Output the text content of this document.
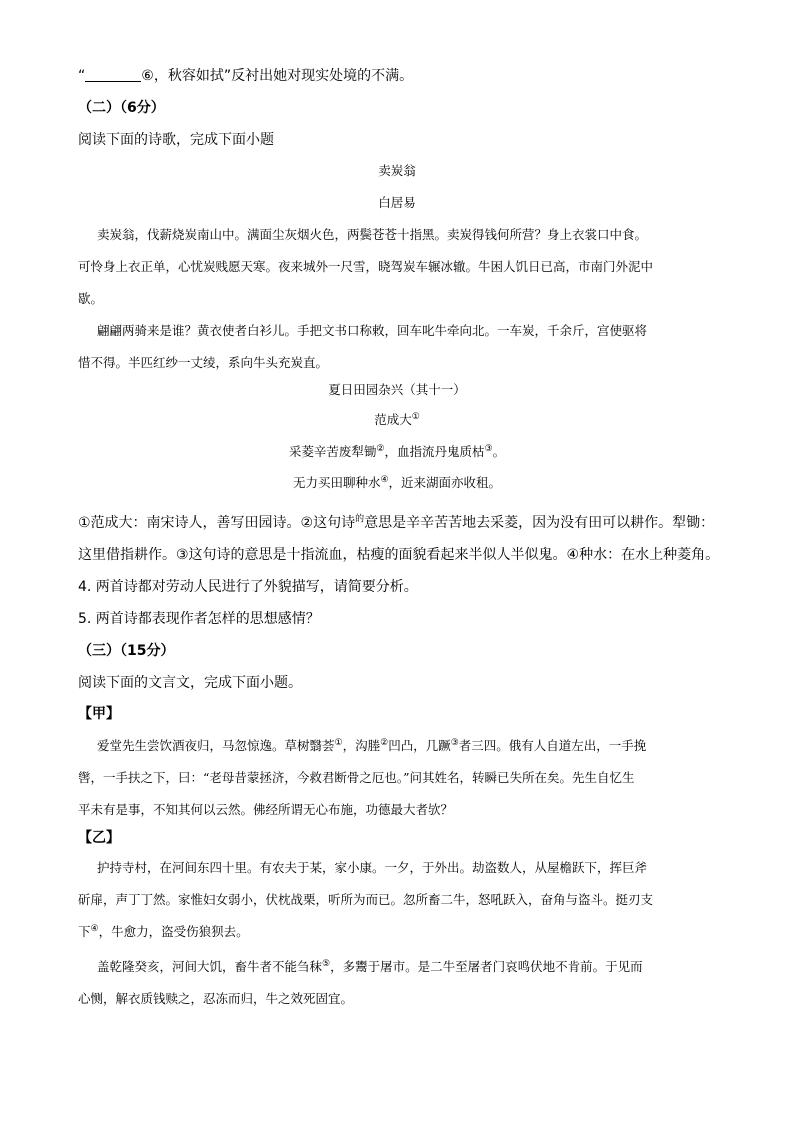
“	⑥，秋容如拭”反衬出她对现实处境的不满。
（二）（6分）
阅读下面的诗歌，完成下面小题
卖炭翁
白居易
卖炭翁，伐薪烧炭南山中。满面尘灰烟火色，两鬓苍苍十指黑。卖炭得钱何所营？身上衣裳口中食。
可怜身上衣正单，心忧炭贱愿天寒。夜来城外一尺雪，晓驾炭车辗冰辙。牛困人饥日已高，市南门外泥中
歇。
翩翩两骑来是谁？黄衣使者白衫儿。手把文书口称敕，回车叱牛牵向北。一车炭，千余斤，宫使驱将
惜不得。半匹红纱一丈绫，系向牛头充炭直。
夏日田园杂兴（其十一）
范成大①
采菱辛苦废犁锄②，血指流丹鬼质枯③。
无力买田聊种水④，近来湖面亦收租。
①范成大：南宋诗人，善写田园诗。②这句诗$^的$意思是辛辛苦苦地去采菱，因为没有田可以耕作。犁锄：
这里借指耕作。③这句诗的意思是十指流血，枯瘦的面貌看起来半似人半似鬼。④种水：在水上种菱角。
4. 两首诗都对劳动人民进行了外貌描写，请简要分析。
5. 两首诗都表现作者怎样的思想感情？
（三）（15分）
阅读下面的文言文，完成下面小题。
【甲】
爱堂先生尝饮酒夜归，马忽惊逸。草树翳荟①，沟塍②凹凸，几蹶③者三四。俄有人自道左出，一手挽
辔，一手扶之下，曰：“老母昔蒙拯济，今救君断骨之厄也。”问其姓名，转瞬已失所在矣。先生自忆生
平未有是事，不知其何以云然。佛经所谓无心布施，功德最大者欤？
【乙】
护持寺村，在河间东四十里。有农夫于某，家小康。一夕，于外出。劫盗数人，从屋檐跃下，挥巨斧
斫扉，声丁丁然。家惟妇女弱小，伏枕战栗，听所为而已。忽所畜二牛，怒吼跃入，奋角与盗斗。挺刃支
下④，牛愈力，盗受伤狼狈去。
盖乾隆癸亥，河间大饥，畜牛者不能刍秣⑤，多鬻于屠市。是二牛至屠者门哀鸣伏地不肯前。于见而
心恻，解衣质钱赎之，忍冻而归，牛之效死固宜。
